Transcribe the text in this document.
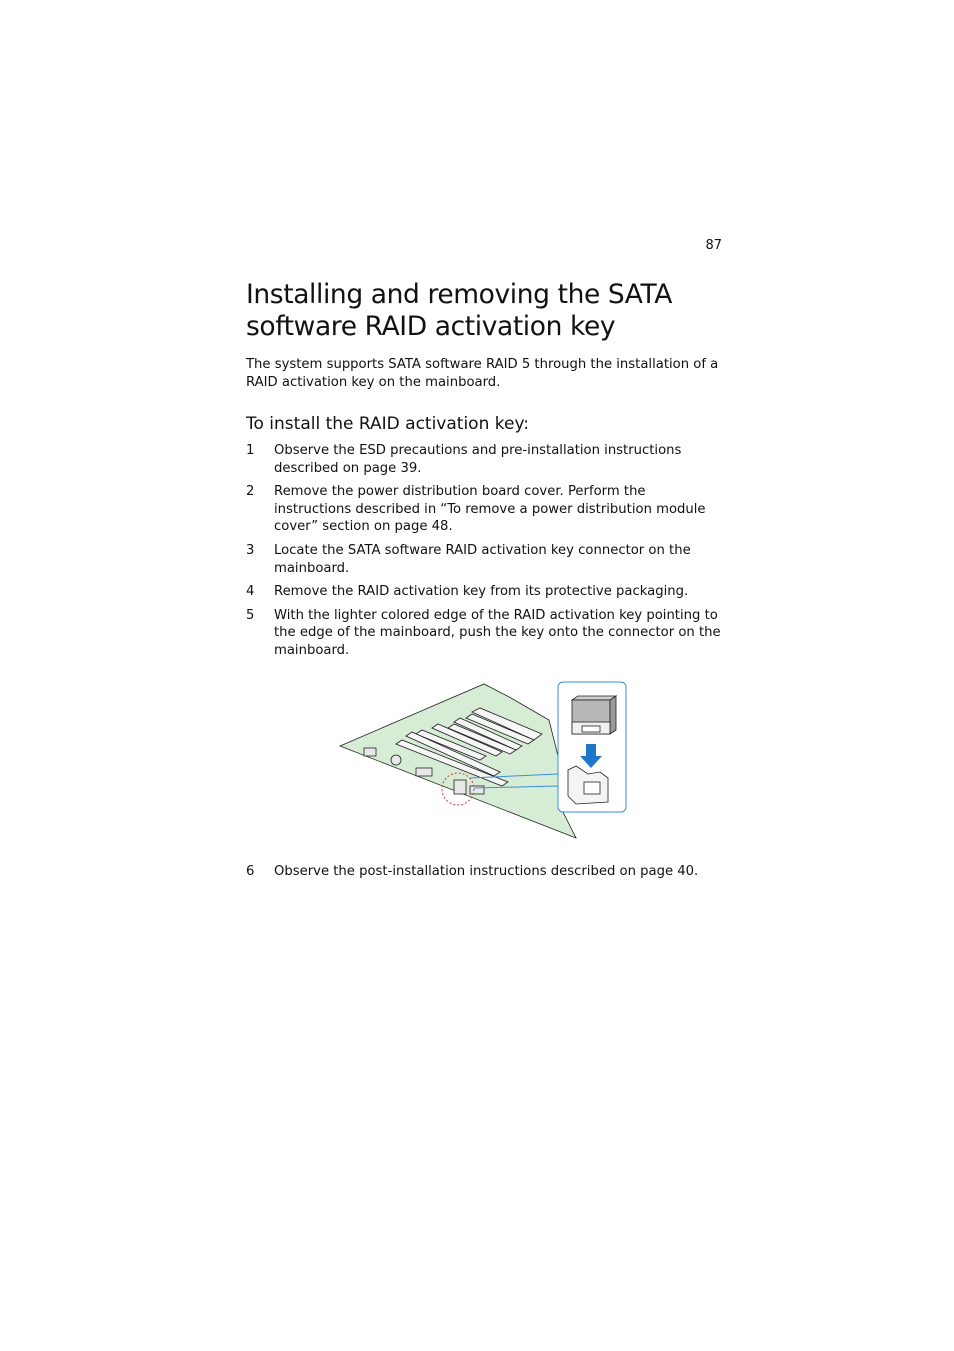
87
Installing and removing the SATA software RAID activation key

The system supports SATA software RAID 5 through the installation of a RAID activation key on the mainboard.

To install the RAID activation key:
1	Observe the ESD precautions and pre-installation instructions described on page 39.
2	Remove the power distribution board cover. Perform the instructions described in “To remove a power distribution module cover” section on page 48.
3	Locate the SATA software RAID activation key connector on the mainboard.
4	Remove the RAID activation key from its protective packaging.
5	With the lighter colored edge of the RAID activation key pointing to the edge of the mainboard, push the key onto the connector on the mainboard.
6	Observe the post-installation instructions described on page 40.
